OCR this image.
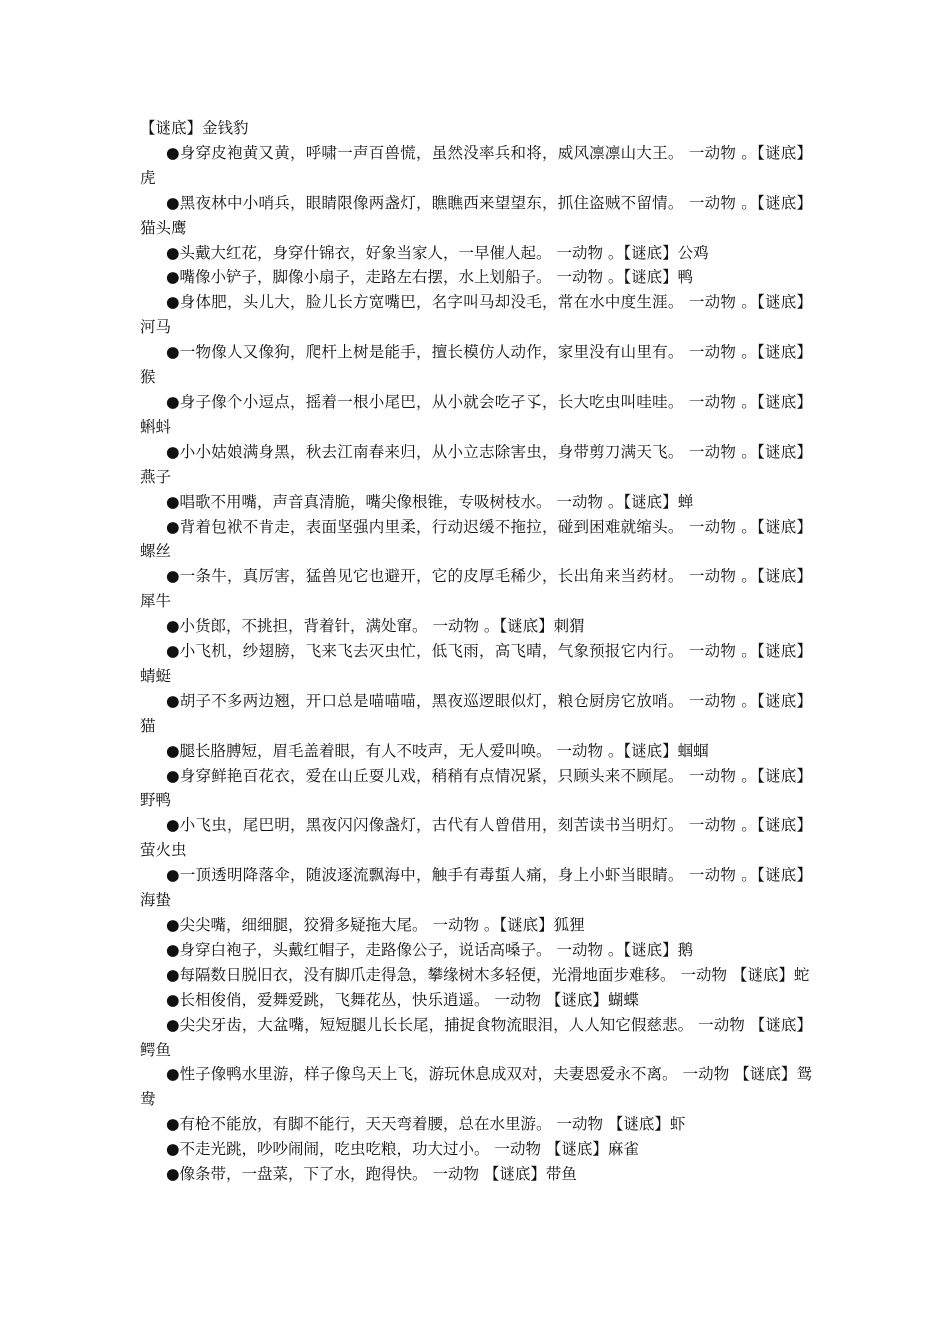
【谜底】金钱豹

●身穿皮袍黄又黄，呼啸一声百兽慌，虽然没率兵和将，威风凛凛山大王。 一动物 。【谜底】虎

●黑夜林中小哨兵，眼睛限像两盏灯，瞧瞧西来望望东，抓住盗贼不留情。 一动物 。【谜底】猫头鹰

●头戴大红花，身穿什锦衣，好象当家人，一早催人起。 一动物 。【谜底】公鸡

●嘴像小铲子，脚像小扇子，走路左右摆，水上划船子。 一动物 。【谜底】鸭

●身体肥，头儿大，脸儿长方宽嘴巴，名字叫马却没毛，常在水中度生涯。 一动物 。【谜底】河马

●一物像人又像狗，爬杆上树是能手，擅长模仿人动作，家里没有山里有。 一动物 。【谜底】猴

●身子像个小逗点，摇着一根小尾巴，从小就会吃孑孓，长大吃虫叫哇哇。 一动物 。【谜底】蝌蚪

●小小姑娘满身黑，秋去江南春来归，从小立志除害虫，身带剪刀满天飞。 一动物 。【谜底】燕子

●唱歌不用嘴，声音真清脆，嘴尖像根锥，专吸树枝水。 一动物 。【谜底】蝉

●背着包袱不肯走，表面坚强内里柔，行动迟缓不拖拉，碰到困难就缩头。 一动物 。【谜底】螺丝

●一条牛，真厉害，猛兽见它也避开，它的皮厚毛稀少，长出角来当药材。 一动物 。【谜底】犀牛

●小货郎，不挑担，背着针，满处窜。 一动物 。【谜底】刺猬

●小飞机，纱翅膀，飞来飞去灭虫忙，低飞雨，高飞晴，气象预报它内行。 一动物 。【谜底】蜻蜓

●胡子不多两边翘，开口总是喵喵喵，黑夜巡逻眼似灯，粮仓厨房它放哨。 一动物 。【谜底】猫

●腿长胳膊短，眉毛盖着眼，有人不吱声，无人爱叫唤。 一动物 。【谜底】蝈蝈

●身穿鲜艳百花衣，爱在山丘耍儿戏，稍稍有点情况紧，只顾头来不顾尾。 一动物 。【谜底】野鸭

●小飞虫，尾巴明，黑夜闪闪像盏灯，古代有人曾借用，刻苦读书当明灯。 一动物 。【谜底】萤火虫

●一顶透明降落伞，随波逐流飘海中，触手有毒蜇人痛，身上小虾当眼睛。 一动物 。【谜底】海蛰

●尖尖嘴，细细腿，狡猾多疑拖大尾。 一动物 。【谜底】狐狸

●身穿白袍子，头戴红帽子，走路像公子，说话高嗓子。 一动物 。【谜底】鹅

●每隔数日脱旧衣，没有脚爪走得急，攀缘树木多轻便，光滑地面步难移。 一动物 【谜底】蛇

●长相俊俏，爱舞爱跳，飞舞花丛，快乐逍遥。 一动物 【谜底】蝴蝶

●尖尖牙齿，大盆嘴，短短腿儿长长尾，捕捉食物流眼泪，人人知它假慈悲。 一动物 【谜底】鳄鱼

●性子像鸭水里游，样子像鸟天上飞，游玩休息成双对，夫妻恩爱永不离。 一动物 【谜底】鸳鸯

●有枪不能放，有脚不能行，天天弯着腰，总在水里游。 一动物 【谜底】虾

●不走光跳，吵吵闹闹，吃虫吃粮，功大过小。 一动物 【谜底】麻雀

●像条带，一盘菜，下了水，跑得快。 一动物 【谜底】带鱼
